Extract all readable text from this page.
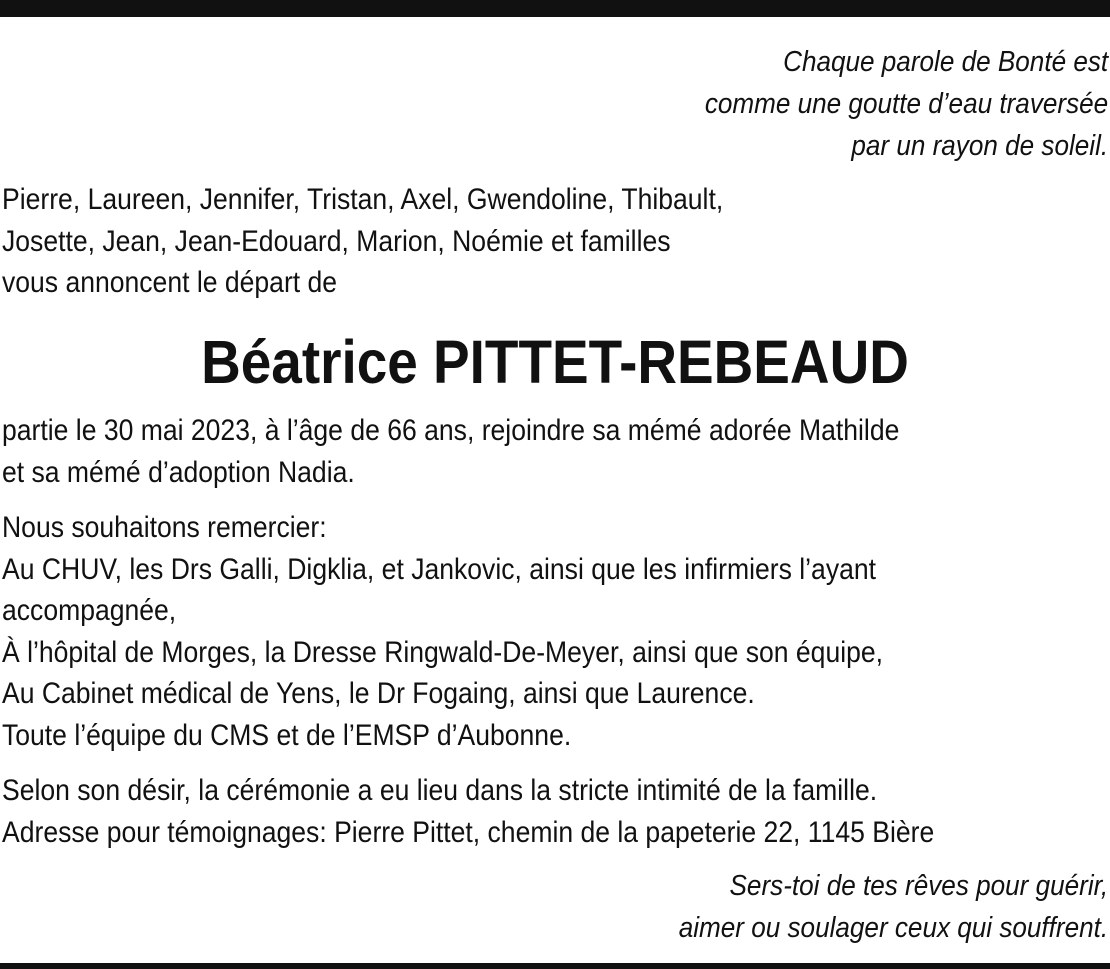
Chaque parole de Bonté est
comme une goutte d’eau traversée
par un rayon de soleil.
Pierre, Laureen, Jennifer, Tristan, Axel, Gwendoline, Thibault,
Josette, Jean, Jean-Edouard, Marion, Noémie et familles
vous annoncent le départ de
Béatrice PITTET-REBEAUD
partie le 30 mai 2023, à l’âge de 66 ans, rejoindre sa mémé adorée Mathilde
et sa mémé d’adoption Nadia.
Nous souhaitons remercier:
Au CHUV, les Drs Galli, Digklia, et Jankovic, ainsi que les infirmiers l’ayant
accompagnée,
À l’hôpital de Morges, la Dresse Ringwald-De-Meyer, ainsi que son équipe,
Au Cabinet médical de Yens, le Dr Fogaing, ainsi que Laurence.
Toute l’équipe du CMS et de l’EMSP d’Aubonne.
Selon son désir, la cérémonie a eu lieu dans la stricte intimité de la famille.
Adresse pour témoignages: Pierre Pittet, chemin de la papeterie 22, 1145 Bière
Sers-toi de tes rêves pour guérir,
aimer ou soulager ceux qui souffrent.
